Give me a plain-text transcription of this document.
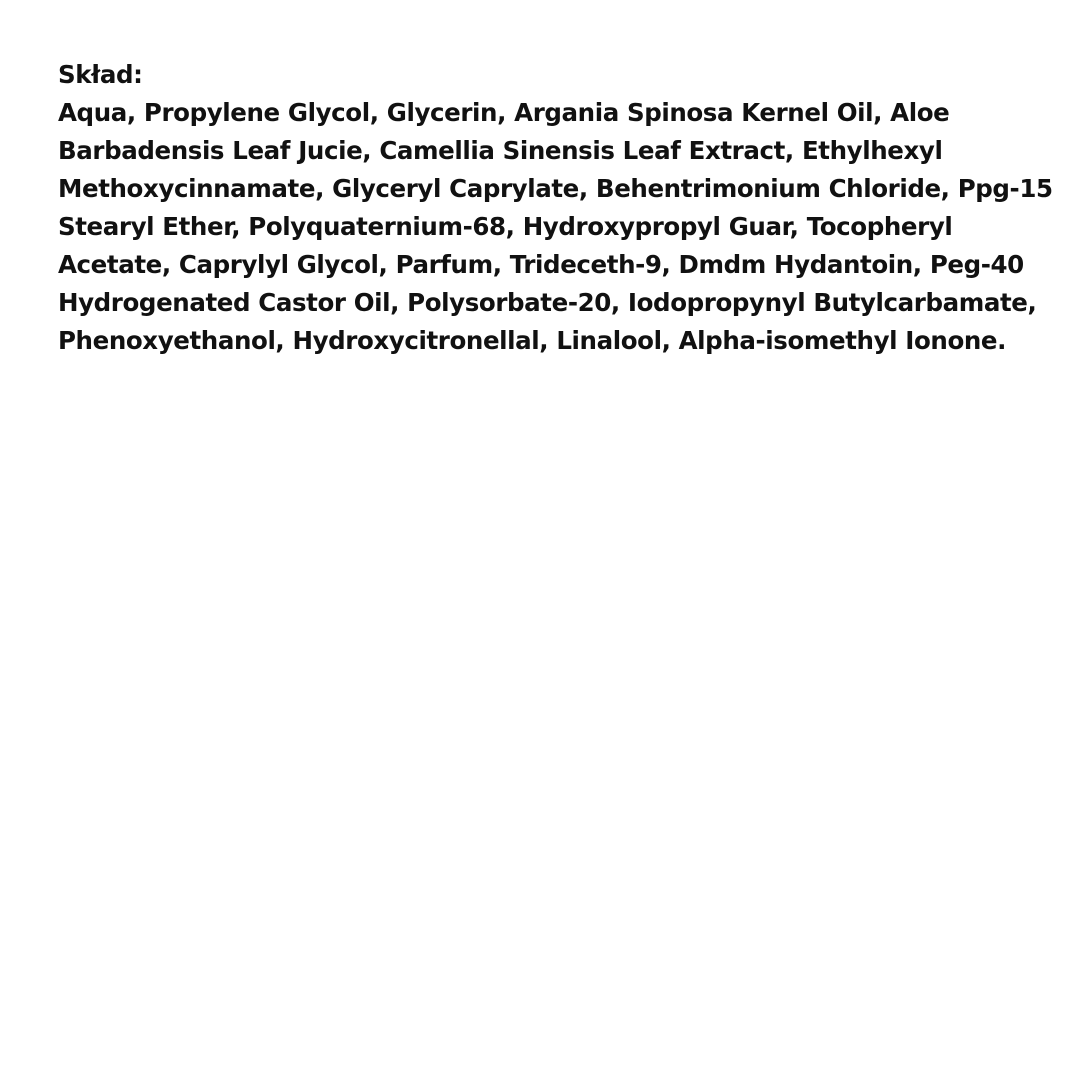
Skład:

Aqua, Propylene Glycol, Glycerin, Argania Spinosa Kernel Oil, Aloe
Barbadensis Leaf Jucie, Camellia Sinensis Leaf Extract, Ethylhexyl
Methoxycinnamate, Glyceryl Caprylate, Behentrimonium Chloride, Ppg-15
Stearyl Ether, Polyquaternium-68, Hydroxypropyl Guar, Tocopheryl
Acetate, Caprylyl Glycol, Parfum, Trideceth-9, Dmdm Hydantoin, Peg-40
Hydrogenated Castor Oil, Polysorbate-20, Iodopropynyl Butylcarbamate,
Phenoxyethanol, Hydroxycitronellal, Linalool, Alpha-isomethyl Ionone.
